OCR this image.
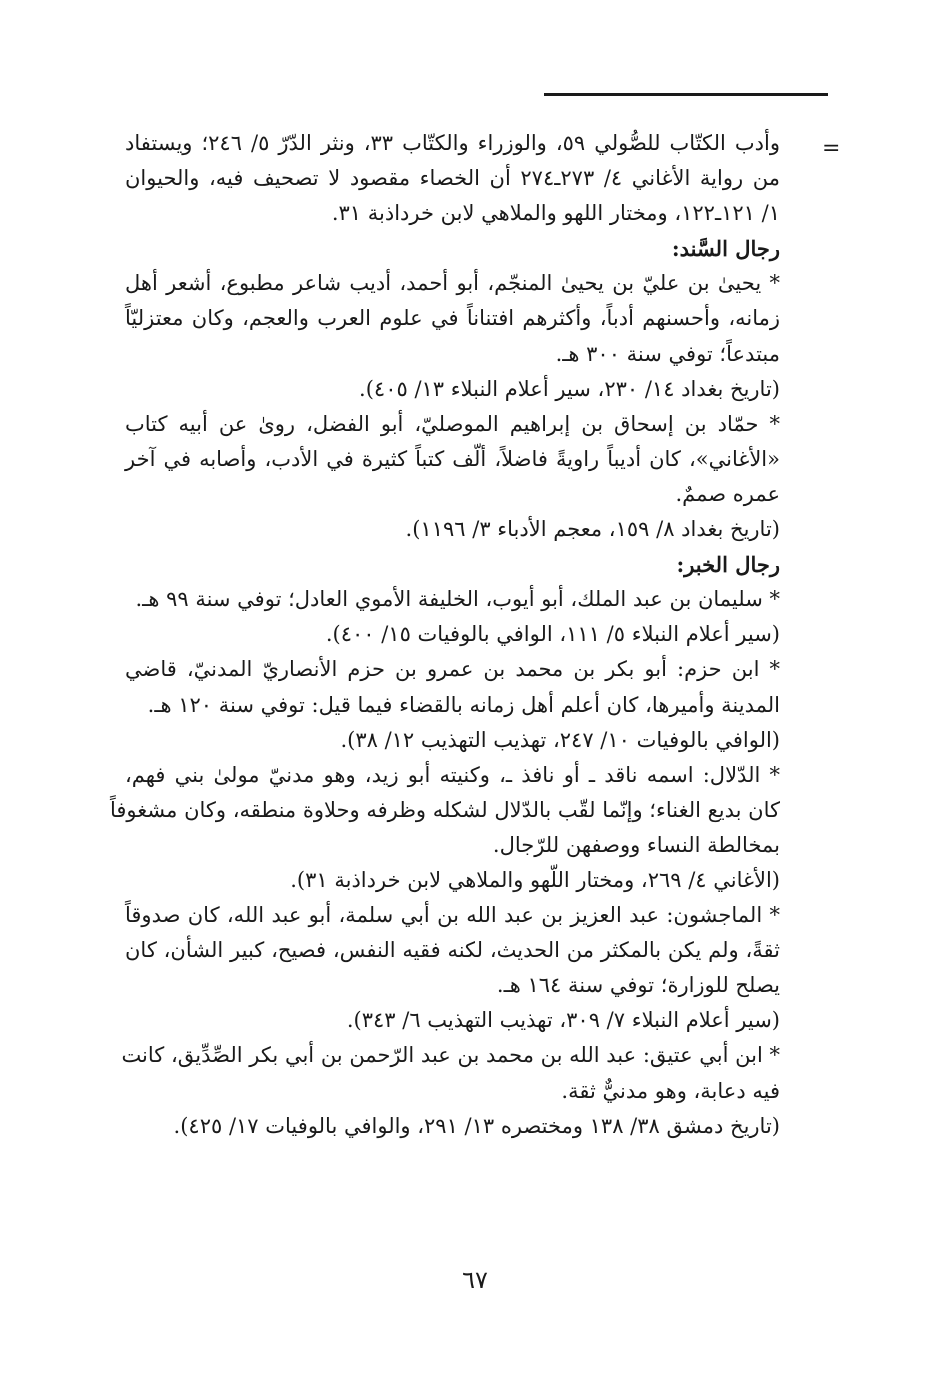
=
وأدب الكتّاب للصُّولي ٥٩، والوزراء والكتّاب ٣٣، ونثر الدّرّ ٥/ ٢٤٦؛ ويستفاد
من رواية الأغاني ٤/ ٢٧٣ـ٢٧٤ أن الخصاء مقصود لا تصحيف فيه، والحيوان
١/ ١٢١ـ١٢٢، ومختار اللهو والملاهي لابن خرداذبة ٣١.
رجال السَّند:
* يحيىٰ بن عليّ بن يحيىٰ المنجّم، أبو أحمد، أديب شاعر مطبوع، أشعر أهل
زمانه، وأحسنهم أدباً، وأكثرهم افتناناً في علوم العرب والعجم، وكان معتزليّاً
مبتدعاً؛ توفي سنة ٣٠٠ هـ.
(تاريخ بغداد ١٤/ ٢٣٠، سير أعلام النبلاء ١٣/ ٤٠٥).
* حمّاد بن إسحاق بن إبراهيم الموصليّ، أبو الفضل، روىٰ عن أبيه كتاب
«الأغاني»، كان أديباً راويةً فاضلاً، ألّف كتباً كثيرة في الأدب، وأصابه في آخر
عمره صممٌ.
(تاريخ بغداد ٨/ ١٥٩، معجم الأدباء ٣/ ١١٩٦).
رجال الخبر:
* سليمان بن عبد الملك، أبو أيوب، الخليفة الأموي العادل؛ توفي سنة ٩٩ هـ.
(سير أعلام النبلاء ٥/ ١١١، الوافي بالوفيات ١٥/ ٤٠٠).
* ابن حزم: أبو بكر بن محمد بن عمرو بن حزم الأنصاريّ المدنيّ، قاضي
المدينة وأميرها، كان أعلم أهل زمانه بالقضاء فيما قيل: توفي سنة ١٢٠ هـ.
(الوافي بالوفيات ١٠/ ٢٤٧، تهذيب التهذيب ١٢/ ٣٨).
* الدّلال: اسمه ناقد ـ أو نافذ ـ، وكنيته أبو زيد، وهو مدنيّ مولىٰ بني فهم،
كان بديع الغناء؛ وإنّما لقّب بالدّلال لشكله وظرفه وحلاوة منطقه، وكان مشغوفاً
بمخالطة النساء ووصفهن للرّجال.
(الأغاني ٤/ ٢٦٩، ومختار اللّهو والملاهي لابن خرداذبة ٣١).
* الماجشون: عبد العزيز بن عبد الله بن أبي سلمة، أبو عبد الله، كان صدوقاً
ثقةً، ولم يكن بالمكثر من الحديث، لكنه فقيه النفس، فصيح، كبير الشأن، كان
يصلح للوزارة؛ توفي سنة ١٦٤ هـ.
(سير أعلام النبلاء ٧/ ٣٠٩، تهذيب التهذيب ٦/ ٣٤٣).
* ابن أبي عتيق: عبد الله بن محمد بن عبد الرّحمن بن أبي بكر الصِّدِّيق، كانت
فيه دعابة، وهو مدنيٌّ ثقة.
(تاريخ دمشق ٣٨/ ١٣٨ ومختصره ١٣/ ٢٩١، والوافي بالوفيات ١٧/ ٤٢٥).
٦٧
